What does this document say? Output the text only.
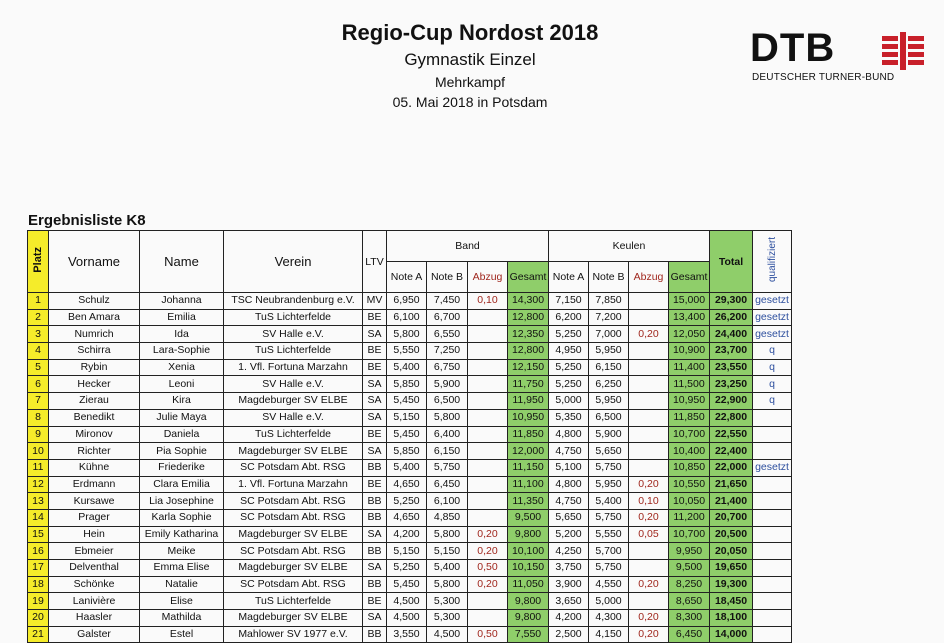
Regio-Cup Nordost 2018
Gymnastik Einzel
Mehrkampf
05. Mai 2018 in Potsdam
DTB
DEUTSCHER TURNER-BUND
Ergebnisliste K8
Platz	Vorname	Name	Verein	LTV	Band				Keulen				Total	qualifiziert
					Note A	Note B	Abzug	Gesamt	Note A	Note B	Abzug	Gesamt		
1	Schulz	Johanna	TSC Neubrandenburg e.V.	MV	6,950	7,450	0,10	14,300	7,150	7,850		15,000	29,300	gesetzt
2	Ben Amara	Emilia	TuS Lichterfelde	BE	6,100	6,700		12,800	6,200	7,200		13,400	26,200	gesetzt
3	Numrich	Ida	SV Halle e.V.	SA	5,800	6,550		12,350	5,250	7,000	0,20	12,050	24,400	gesetzt
4	Schirra	Lara-Sophie	TuS Lichterfelde	BE	5,550	7,250		12,800	4,950	5,950		10,900	23,700	q
5	Rybin	Xenia	1. Vfl. Fortuna Marzahn	BE	5,400	6,750		12,150	5,250	6,150		11,400	23,550	q
6	Hecker	Leoni	SV Halle e.V.	SA	5,850	5,900		11,750	5,250	6,250		11,500	23,250	q
7	Zierau	Kira	Magdeburger SV ELBE	SA	5,450	6,500		11,950	5,000	5,950		10,950	22,900	q
8	Benedikt	Julie Maya	SV Halle e.V.	SA	5,150	5,800		10,950	5,350	6,500		11,850	22,800	
9	Mironov	Daniela	TuS Lichterfelde	BE	5,450	6,400		11,850	4,800	5,900		10,700	22,550	
10	Richter	Pia Sophie	Magdeburger SV ELBE	SA	5,850	6,150		12,000	4,750	5,650		10,400	22,400	
11	Kühne	Friederike	SC Potsdam Abt. RSG	BB	5,400	5,750		11,150	5,100	5,750		10,850	22,000	gesetzt
12	Erdmann	Clara Emilia	1. Vfl. Fortuna Marzahn	BE	4,650	6,450		11,100	4,800	5,950	0,20	10,550	21,650	
13	Kursawe	Lia Josephine	SC Potsdam Abt. RSG	BB	5,250	6,100		11,350	4,750	5,400	0,10	10,050	21,400	
14	Prager	Karla Sophie	SC Potsdam Abt. RSG	BB	4,650	4,850		9,500	5,650	5,750	0,20	11,200	20,700	
15	Hein	Emily Katharina	Magdeburger SV ELBE	SA	4,200	5,800	0,20	9,800	5,200	5,550	0,05	10,700	20,500	
16	Ebmeier	Meike	SC Potsdam Abt. RSG	BB	5,150	5,150	0,20	10,100	4,250	5,700		9,950	20,050	
17	Delventhal	Emma Elise	Magdeburger SV ELBE	SA	5,250	5,400	0,50	10,150	3,750	5,750		9,500	19,650	
18	Schönke	Natalie	SC Potsdam Abt. RSG	BB	5,450	5,800	0,20	11,050	3,900	4,550	0,20	8,250	19,300	
19	Lanivière	Elise	TuS Lichterfelde	BE	4,500	5,300		9,800	3,650	5,000		8,650	18,450	
20	Haasler	Mathilda	Magdeburger SV ELBE	SA	4,500	5,300		9,800	4,200	4,300	0,20	8,300	18,100	
21	Galster	Estel	Mahlower SV 1977 e.V.	BB	3,550	4,500	0,50	7,550	2,500	4,150	0,20	6,450	14,000	
